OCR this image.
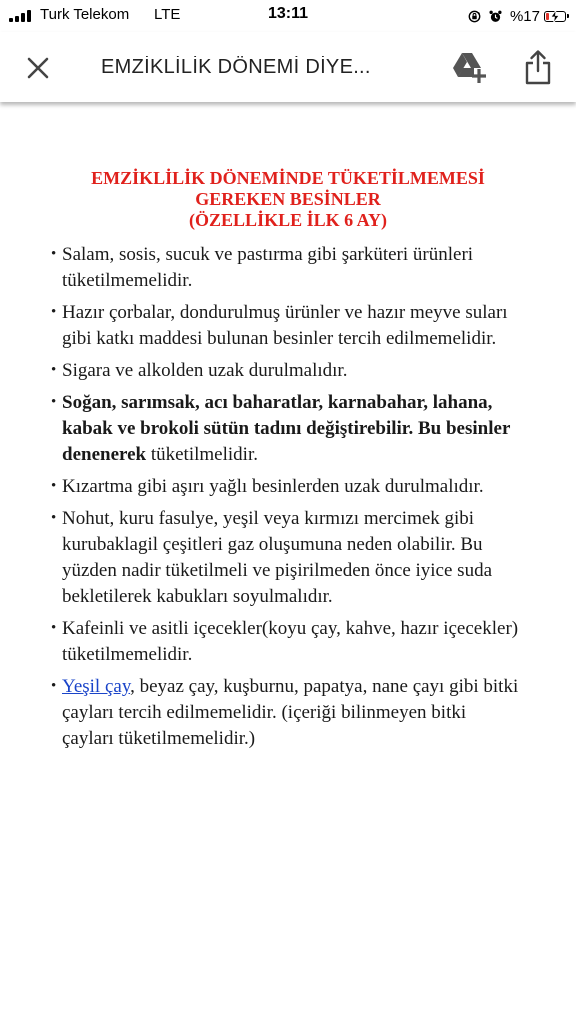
Turk Telekom LTE	13:11	%17
EMZİKLİLİK DÖNEMİ DİYE...
EMZİKLİLİK DÖNEMİNDE TÜKETİLMEMESİ
GEREKEN BESİNLER
(ÖZELLİKLE İLK 6 AY)
• Salam, sosis, sucuk ve pastırma gibi şarküteri ürünleri tüketilmemelidir.
• Hazır çorbalar, dondurulmuş ürünler ve hazır meyve suları gibi katkı maddesi bulunan besinler tercih edilmemelidir.
• Sigara ve alkolden uzak durulmalıdır.
• Soğan, sarımsak, acı baharatlar, karnabahar, lahana, kabak ve brokoli sütün tadını değiştirebilir. Bu besinler denenerek tüketilmelidir.
• Kızartma gibi aşırı yağlı besinlerden uzak durulmalıdır.
• Nohut, kuru fasulye, yeşil veya kırmızı mercimek gibi kurubaklagil çeşitleri gaz oluşumuna neden olabilir. Bu yüzden nadir tüketilmeli ve pişirilmeden önce iyice suda bekletilerek kabukları soyulmalıdır.
• Kafeinli ve asitli içecekler(koyu çay, kahve, hazır içecekler) tüketilmemelidir.
• Yeşil çay, beyaz çay, kuşburnu, papatya, nane çayı gibi bitki çayları tercih edilmemelidir. (içeriği bilinmeyen bitki çayları tüketilmemelidir.)
